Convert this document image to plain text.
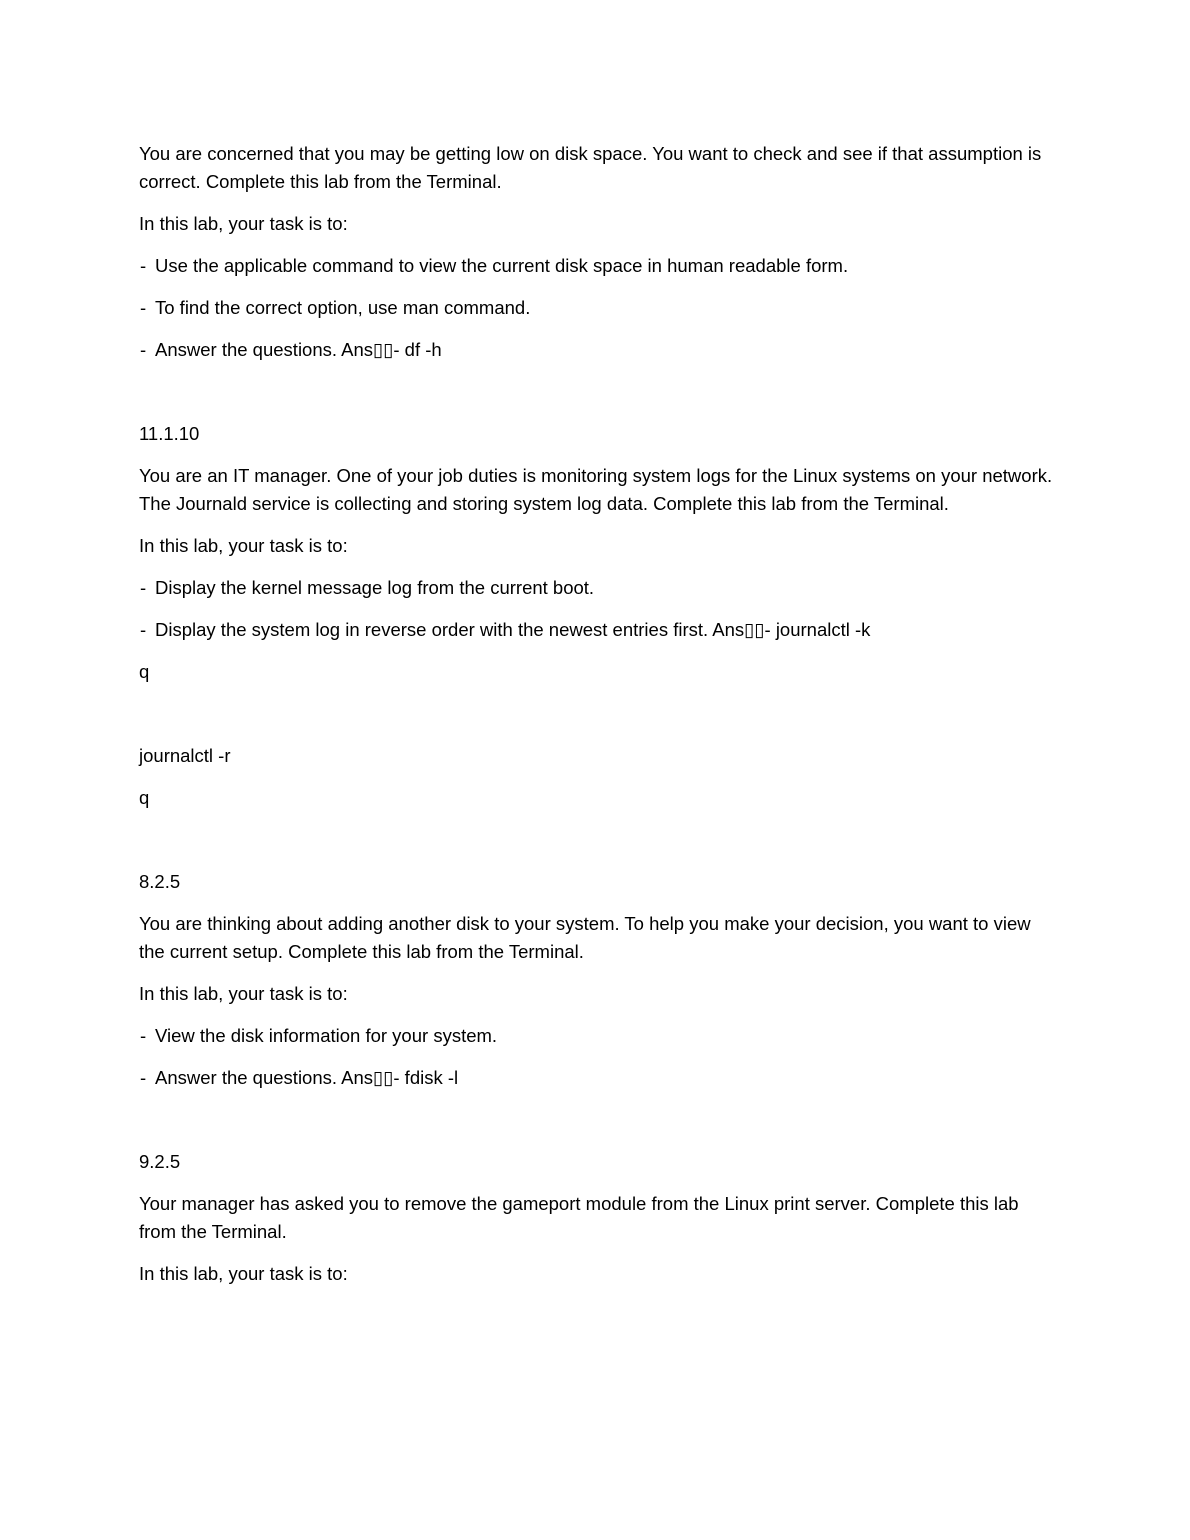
You are concerned that you may be getting low on disk space. You want to check and see if that assumption is correct. Complete this lab from the Terminal.

In this lab, your task is to:

- Use the applicable command to view the current disk space in human readable form.
- To find the correct option, use man command.
- Answer the questions. Ans▯▯- df -h

11.1.10

You are an IT manager. One of your job duties is monitoring system logs for the Linux systems on your network. The Journald service is collecting and storing system log data. Complete this lab from the Terminal.

In this lab, your task is to:

- Display the kernel message log from the current boot.
- Display the system log in reverse order with the newest entries first. Ans▯▯- journalctl -k

q

journalctl -r

q

8.2.5

You are thinking about adding another disk to your system. To help you make your decision, you want to view the current setup. Complete this lab from the Terminal.

In this lab, your task is to:

- View the disk information for your system.
- Answer the questions. Ans▯▯- fdisk -l

9.2.5

Your manager has asked you to remove the gameport module from the Linux print server. Complete this lab from the Terminal.

In this lab, your task is to:
